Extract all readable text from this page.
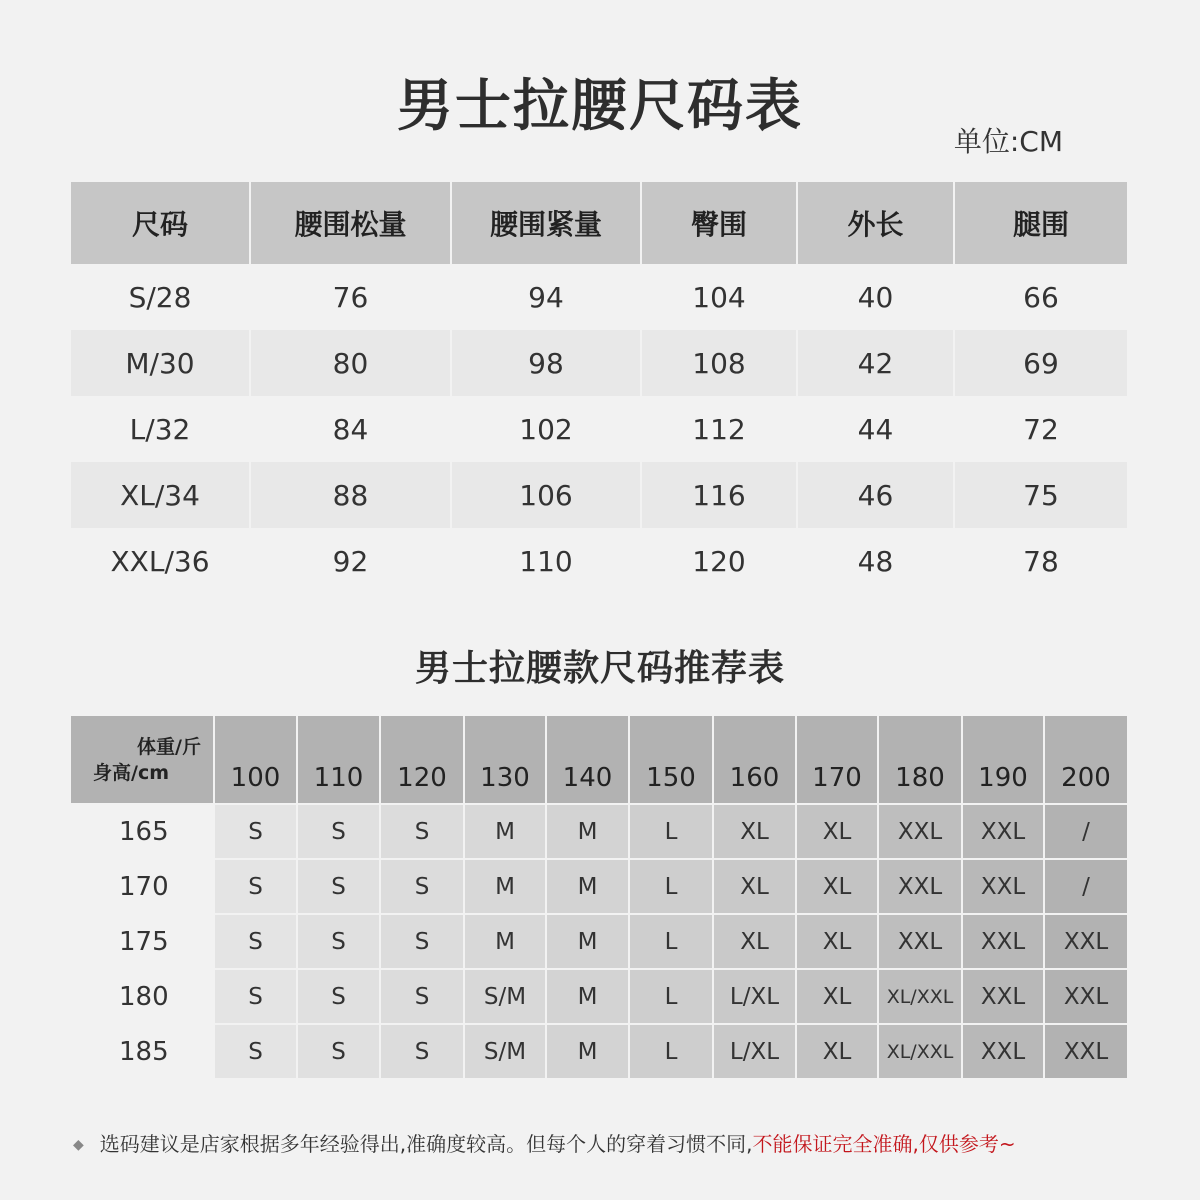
男士拉腰尺码表
单位:CM
尺码	腰围松量	腰围紧量	臀围	外长	腿围
S/28	76	94	104	40	66
M/30	80	98	108	42	69
L/32	84	102	112	44	72
XL/34	88	106	116	46	75
XXL/36	92	110	120	48	78
男士拉腰款尺码推荐表
体重/斤
身高/cm	100	110	120	130	140	150	160	170	180	190	200
165	S	S	S	M	M	L	XL	XL	XXL	XXL	/
170	S	S	S	M	M	L	XL	XL	XXL	XXL	/
175	S	S	S	M	M	L	XL	XL	XXL	XXL	XXL
180	S	S	S	S/M	M	L	L/XL	XL	XL/XXL	XXL	XXL
185	S	S	S	S/M	M	L	L/XL	XL	XL/XXL	XXL	XXL
◆ 选码建议是店家根据多年经验得出,准确度较高。但每个人的穿着习惯不同,不能保证完全准确,仅供参考~
